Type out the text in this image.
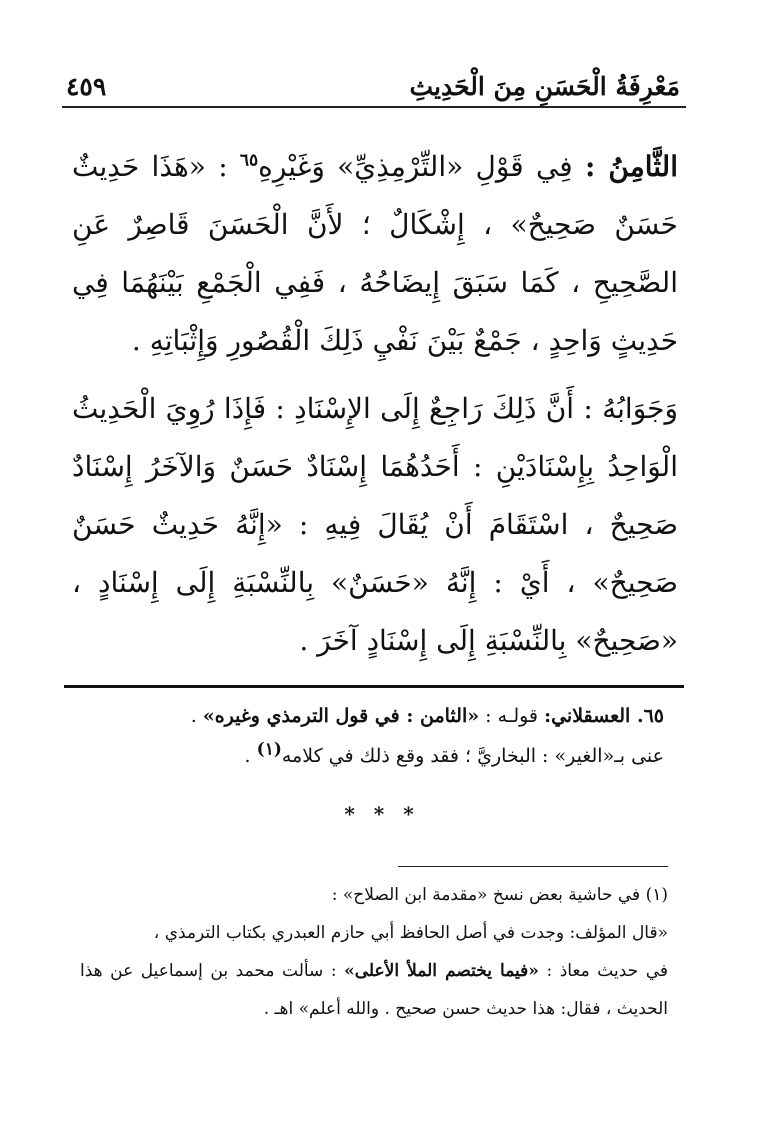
مَعْرِفَةُ الْحَسَنِ مِنَ الْحَدِيثِ
٤٥٩

الثَّامِنُ : فِي قَوْلِ «التِّرْمِذِيِّ» وَغَيْرِهِ$^{٦٥}$ : «هَذَا حَدِيثٌ حَسَنٌ صَحِيحٌ» ، إِشْكَالٌ ؛ لأَنَّ الْحَسَنَ قَاصِرٌ عَنِ الصَّحِيحِ ، كَمَا سَبَقَ إِيضَاحُهُ ، فَفِي الْجَمْعِ بَيْنَهُمَا فِي حَدِيثٍ وَاحِدٍ ، جَمْعٌ بَيْنَ نَفْيِ ذَلِكَ الْقُصُورِ وَإِثْبَاتِهِ .

وَجَوَابُهُ : أَنَّ ذَلِكَ رَاجِعٌ إِلَى الإِسْنَادِ : فَإِذَا رُوِيَ الْحَدِيثُ الْوَاحِدُ بِإِسْنَادَيْنِ : أَحَدُهُمَا إِسْنَادٌ حَسَنٌ وَالآخَرُ إِسْنَادٌ صَحِيحٌ ، اسْتَقَامَ أَنْ يُقَالَ فِيهِ : «إِنَّهُ حَدِيثٌ حَسَنٌ صَحِيحٌ» ، أَيْ : إِنَّهُ «حَسَنٌ» بِالنِّسْبَةِ إِلَى إِسْنَادٍ ، «صَحِيحٌ» بِالنِّسْبَةِ إِلَى إِسْنَادٍ آخَرَ .

٦٥. العسقلاني: قولـه : «الثامن : في قول الترمذي وغيره» .

عنى بـ«الغير» : البخاريَّ ؛ فقد وقع ذلك في كلامه(١) .

* * *

(١) في حاشية بعض نسخ «مقدمة ابن الصلاح» :

«قال المؤلف: وجدت في أصل الحافظ أبي حازم العبدري بكتاب الترمذي ،

في حديث معاذ : «فيما يختصم الملأ الأعلى» : سألت محمد بن إسماعيل عن هذا الحديث ، فقال: هذا حديث حسن صحيح . والله أعلم» اهـ .
